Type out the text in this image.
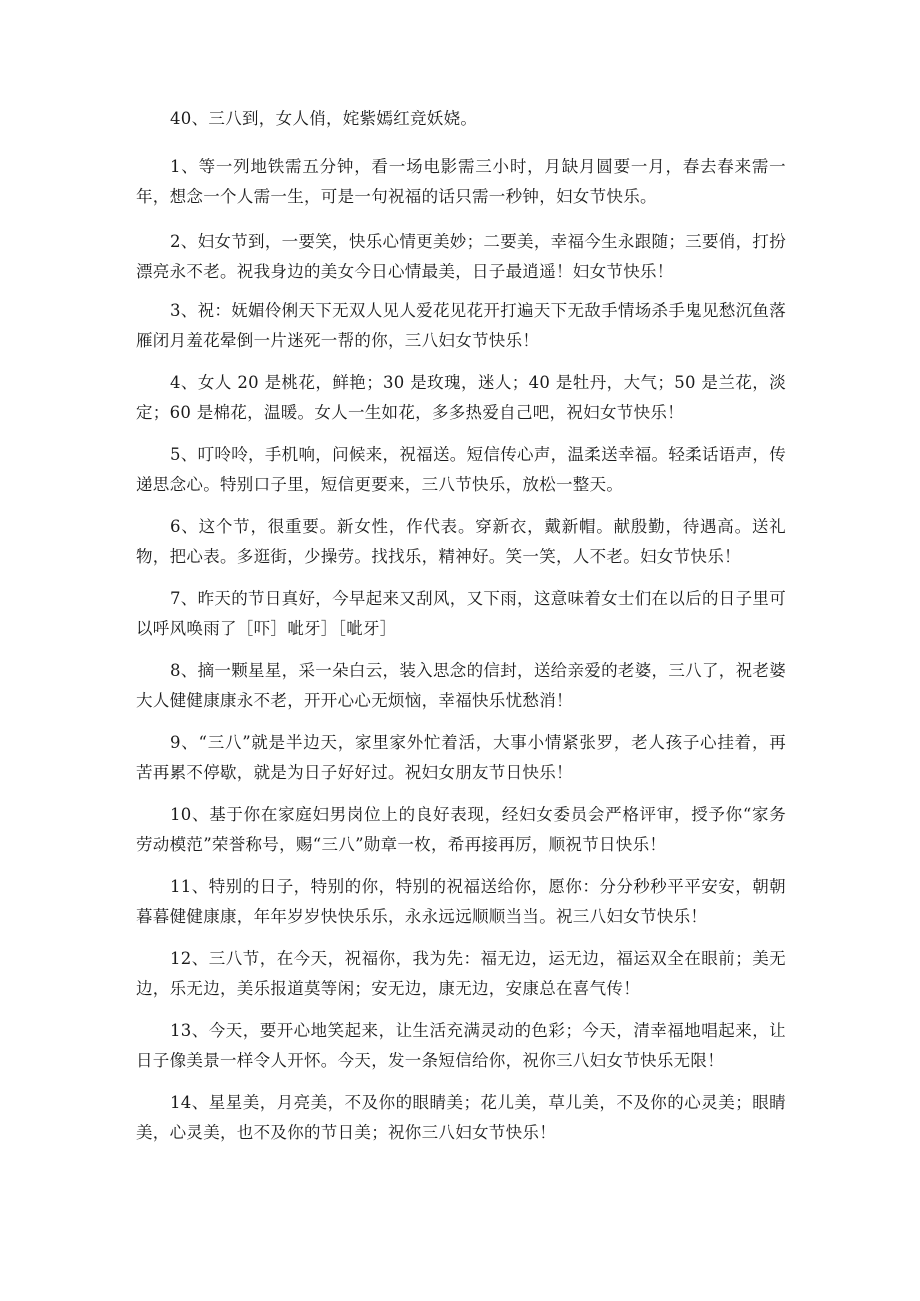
40、三八到，女人俏，姹紫嫣红竞妖娆。

1、等一列地铁需五分钟，看一场电影需三小时，月缺月圆要一月，春去春来需一年，想念一个人需一生，可是一句祝福的话只需一秒钟，妇女节快乐。

2、妇女节到，一要笑，快乐心情更美妙；二要美，幸福今生永跟随；三要俏，打扮漂亮永不老。祝我身边的美女今日心情最美，日子最逍遥！妇女节快乐！

3、祝：妩媚伶俐天下无双人见人爱花见花开打遍天下无敌手情场杀手鬼见愁沉鱼落雁闭月羞花晕倒一片迷死一帮的你，三八妇女节快乐！

4、女人 20 是桃花，鲜艳；30 是玫瑰，迷人；40 是牡丹，大气；50 是兰花，淡定；60 是棉花，温暖。女人一生如花，多多热爱自己吧，祝妇女节快乐！

5、叮呤呤，手机响，问候来，祝福送。短信传心声，温柔送幸福。轻柔话语声，传递思念心。特别口子里，短信更要来，三八节快乐，放松一整天。

6、这个节，很重要。新女性，作代表。穿新衣，戴新帽。献殷勤，待遇高。送礼物，把心表。多逛街，少操劳。找找乐，精神好。笑一笑，人不老。妇女节快乐！

7、昨天的节日真好，今早起来又刮风，又下雨，这意味着女士们在以后的日子里可以呼风唤雨了［吓］呲牙］［呲牙］

8、摘一颗星星，采一朵白云，装入思念的信封，送给亲爱的老婆，三八了，祝老婆大人健健康康永不老，开开心心无烦恼，幸福快乐忧愁消！

9、“三八”就是半边天，家里家外忙着活，大事小情紧张罗，老人孩子心挂着，再苦再累不停歇，就是为日子好好过。祝妇女朋友节日快乐！

10、基于你在家庭妇男岗位上的良好表现，经妇女委员会严格评审，授予你“家务劳动模范”荣誉称号，赐“三八”勋章一枚，希再接再厉，顺祝节日快乐！

11、特别的日子，特别的你，特别的祝福送给你，愿你：分分秒秒平平安安，朝朝暮暮健健康康，年年岁岁快快乐乐，永永远远顺顺当当。祝三八妇女节快乐！

12、三八节，在今天，祝福你，我为先：福无边，运无边，福运双全在眼前；美无边，乐无边，美乐报道莫等闲；安无边，康无边，安康总在喜气传！

13、今天，要开心地笑起来，让生活充满灵动的色彩；今天，清幸福地唱起来，让日子像美景一样令人开怀。今天，发一条短信给你，祝你三八妇女节快乐无限！

14、星星美，月亮美，不及你的眼睛美；花儿美，草儿美，不及你的心灵美；眼睛美，心灵美，也不及你的节日美；祝你三八妇女节快乐！
